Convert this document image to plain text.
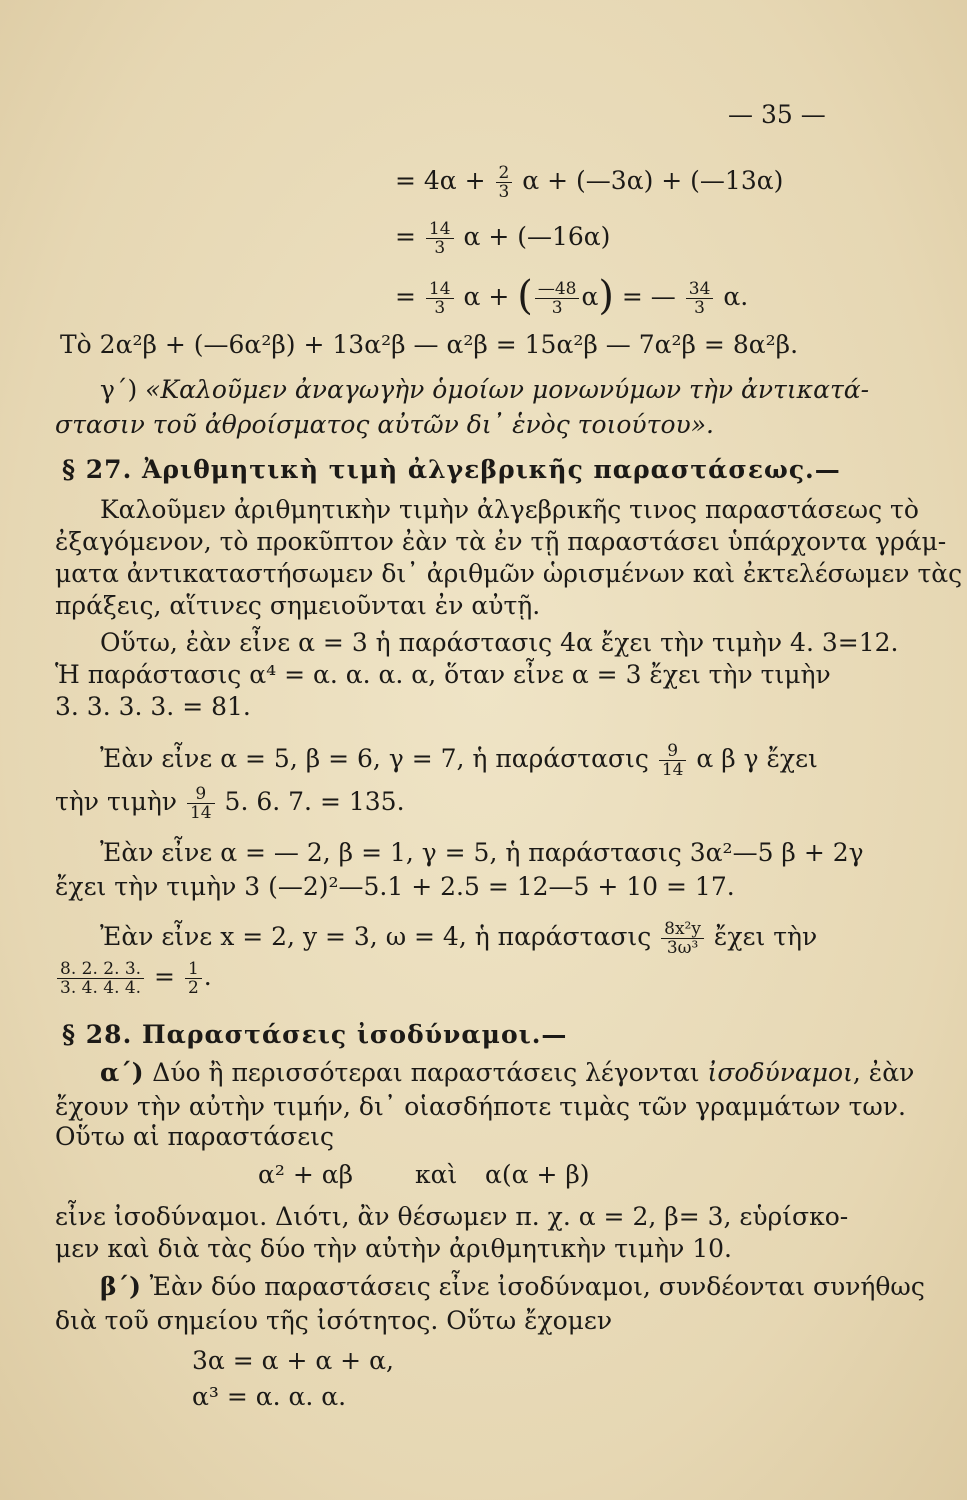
— 35 —
= $4\alpha + \frac{2}{3}$ α + (—3α) + (—13α)
= $\frac{14}{3}$ α + (—16α)
= $\frac{14}{3}$ α + ( $\frac{—48}{3} \alpha$) = — $\frac{34}{3} \alpha$.
Τὸ 2α²β + (—6α²β) + 13α²β — α²β = 15α²β — 7α²β = 8α²β.
γ΄) «Καλοῦμεν ἀναγωγὴν ὁμοίων μονωνύμων τὴν ἀντικατά-
στασιν τοῦ ἀθροίσματος αὐτῶν δι᾽ ἑνὸς τοιούτου».
§ 27. Ἀριθμητικὴ τιμὴ ἀλγεβρικῆς παραστάσεως.—
Καλοῦμεν ἀριθμητικὴν τιμὴν ἀλγεβρικῆς τινος παραστάσεως τὸ
ἐξαγόμενον, τὸ προκῦπτον ἐὰν τὰ ἐν τῇ παραστάσει ὑπάρχοντα γράμ-
ματα ἀντικαταστήσωμεν δι᾽ ἀριθμῶν ὡρισμένων καὶ ἐκτελέσωμεν τὰς
πράξεις, αἵτινες σημειοῦνται ἐν αὐτῇ.
Οὕτω, ἐὰν εἶνε α = 3 ἡ παράστασις 4α ἔχει τὴν τιμὴν 4. 3=12.
Ἡ παράστασις α⁴ = α. α. α. α, ὅταν εἶνε α = 3 ἔχει τὴν τιμὴν
3. 3. 3. 3. = 81.
Ἐὰν εἶνε α = 5, β = 6, γ = 7, ἡ παράστασις $\frac{9}{14}$ α β γ ἔχει
τὴν τιμὴν $\frac{9}{14} 5$. 6. 7. = 135.
Ἐὰν εἶνε α = — 2, β = 1, γ = 5, ἡ παράστασις 3α²—5 β + 2γ
ἔχει τὴν τιμὴν 3 (—2)²—5.1 + 2.5 = 12—5 + 10 = 17.
Ἐὰν εἶνε x = 2, y = 3, ω = 4, ἡ παράστασις $\frac{\text{8x²y}}{\text{3ω³}}$ ἔχει τὴν
$\frac{8. 2. 2. 3.}{3. 4. 4. 4.} = \frac{1}{2}$ .
§ 28. Παραστάσεις ἰσοδύναμοι.—
α΄) Δύο ἢ περισσότεραι παραστάσεις λέγονται ἰσοδύναμοι, ἐὰν
ἔχουν τὴν αὐτὴν τιμήν, δι᾽ οἱασδήποτε τιμὰς τῶν γραμμάτων των.
Οὕτω αἱ παραστάσεις
α² + αβ καὶ α(α + β)
εἶνε ἰσοδύναμοι. Διότι, ἂν θέσωμεν π. χ. α = 2, β= 3, εὑρίσκο-
μεν καὶ διὰ τὰς δύο τὴν αὐτὴν ἀριθμητικὴν τιμὴν 10.
β΄) Ἐὰν δύο παραστάσεις εἶνε ἰσοδύναμοι, συνδέονται συνήθως
διὰ τοῦ σημείου τῆς ἰσότητος. Οὕτω ἔχομεν
3α = α + α + α,
α³ = α. α. α.
